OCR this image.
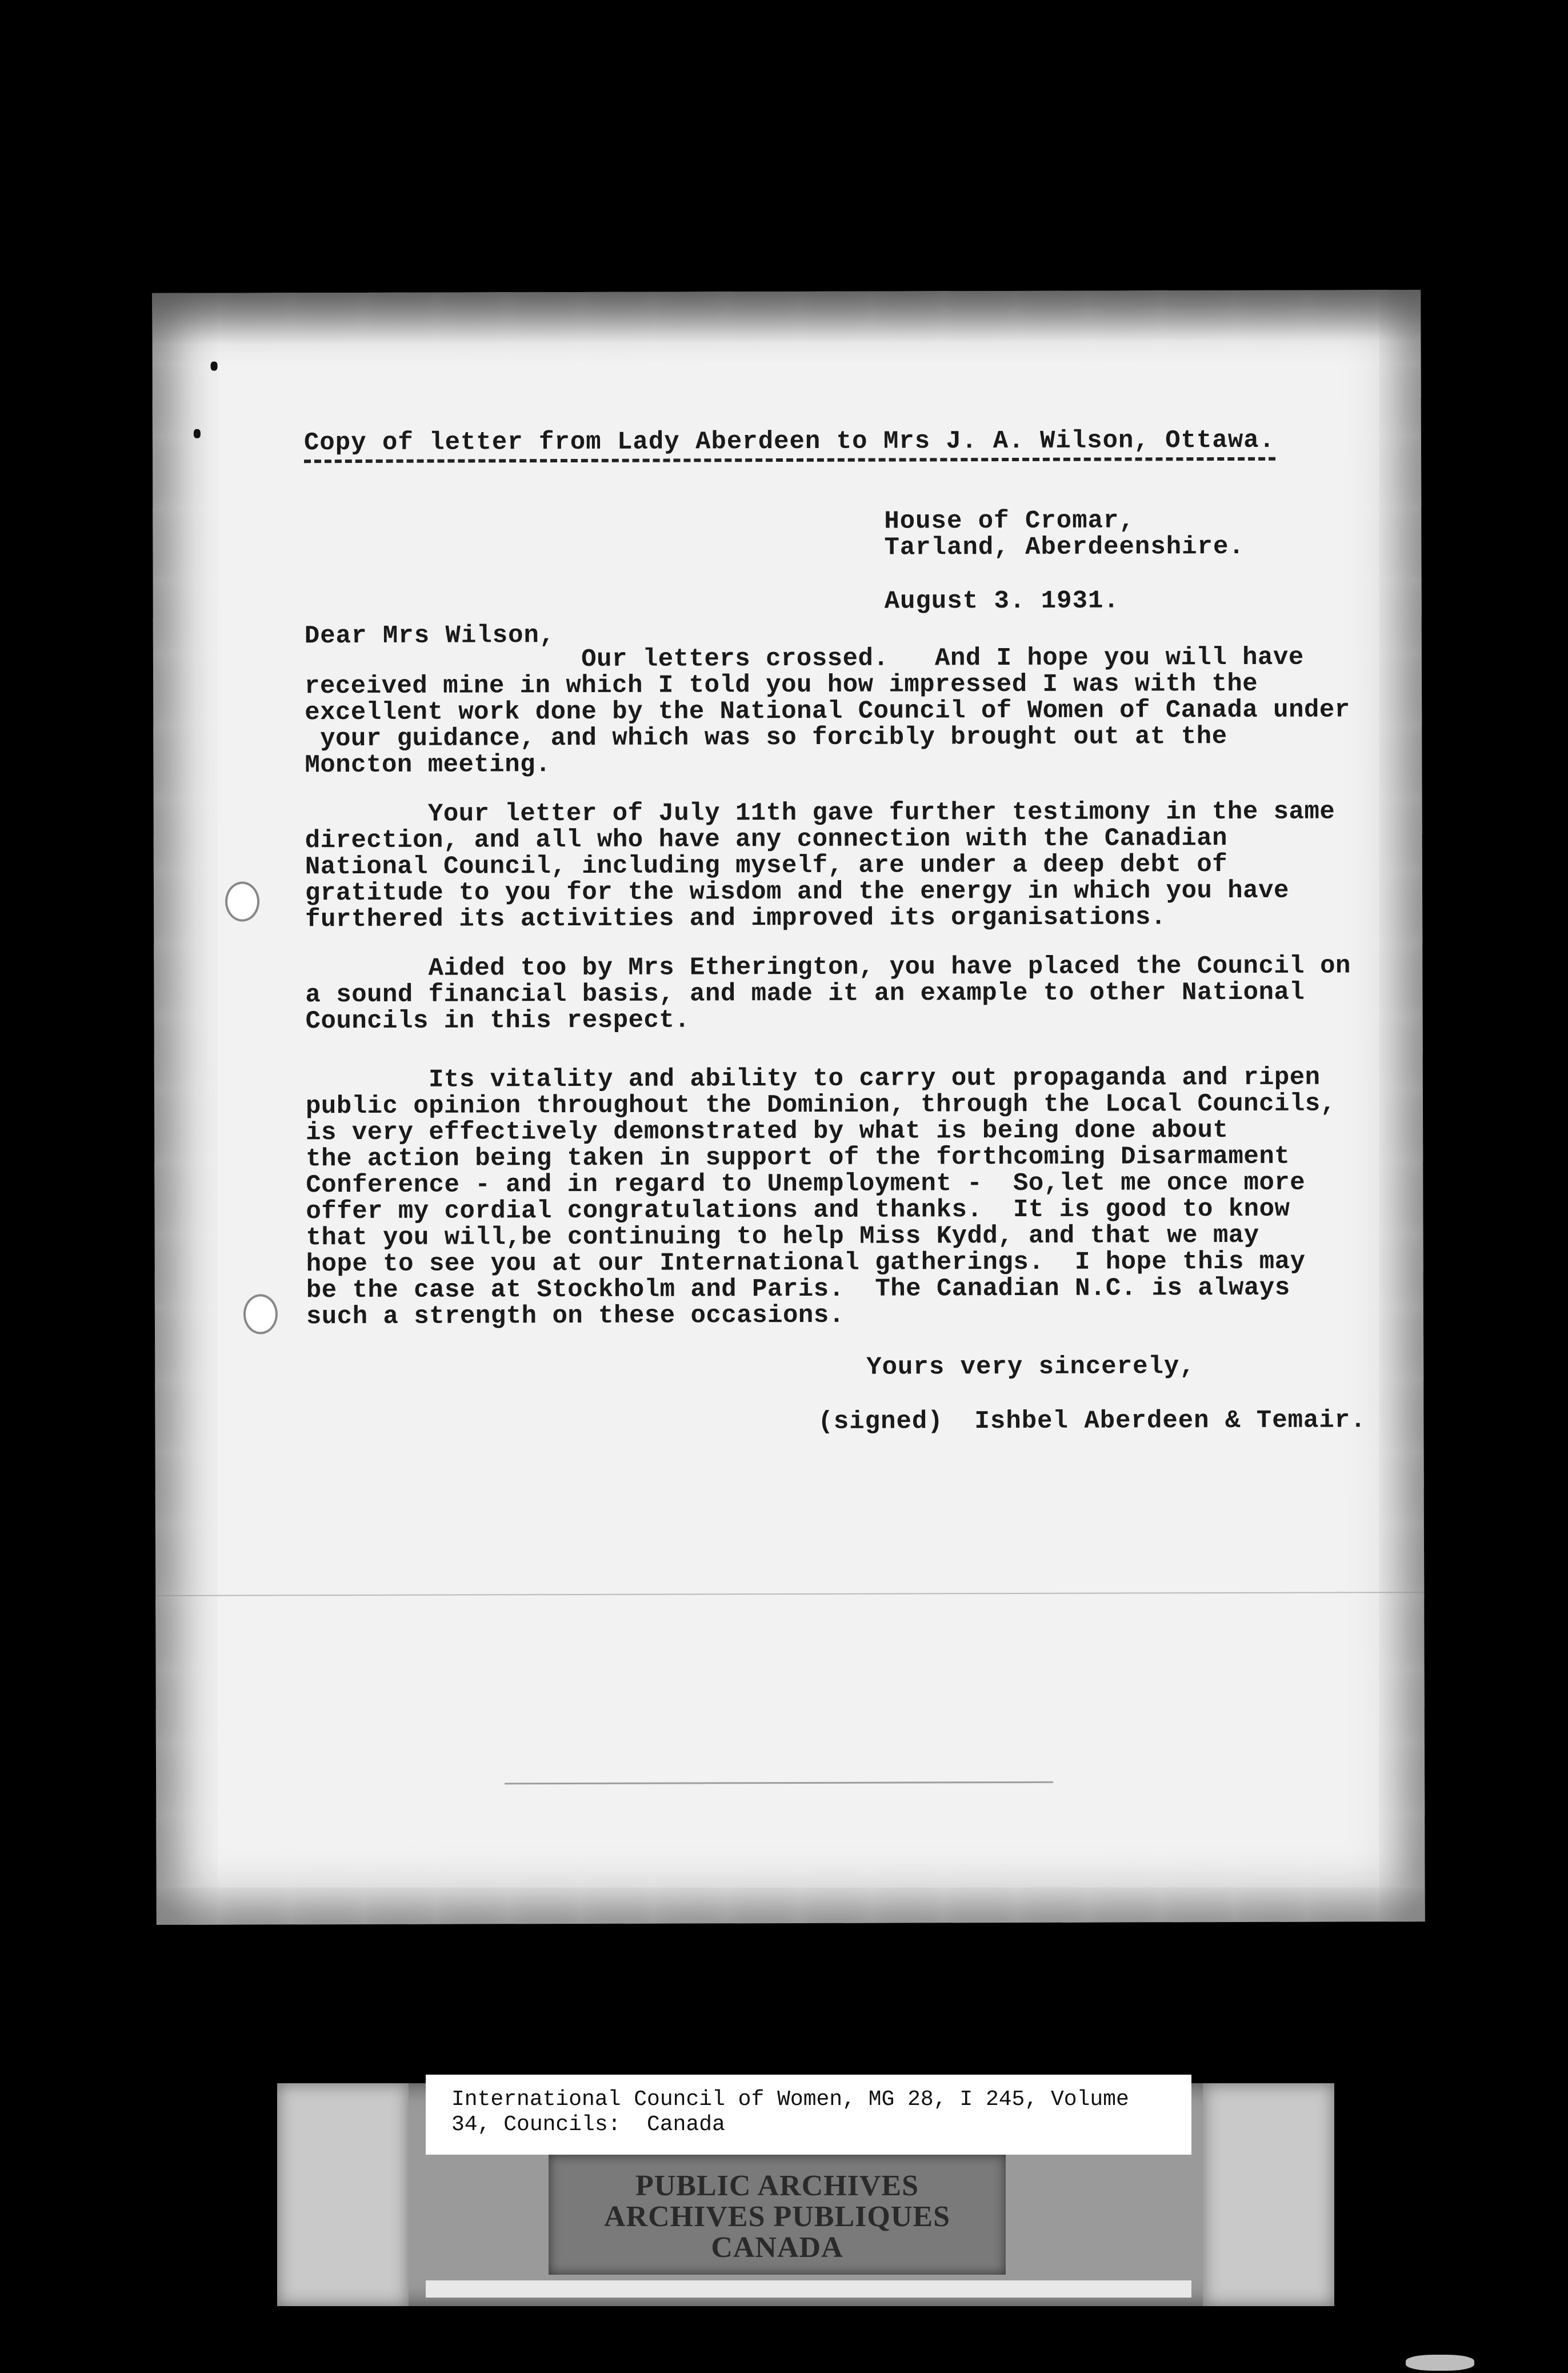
Copy of letter from Lady Aberdeen to Mrs J. A. Wilson, Ottawa.
House of Cromar,
Tarland, Aberdeenshire.
August 3. 1931.
Dear Mrs Wilson,
Our letters crossed.   And I hope you will have
received mine in which I told you how impressed I was with the
excellent work done by the National Council of Women of Canada under
your guidance, and which was so forcibly brought out at the
Moncton meeting.
Your letter of July 11th gave further testimony in the same
direction, and all who have any connection with the Canadian
National Council, including myself, are under a deep debt of
gratitude to you for the wisdom and the energy in which you have
furthered its activities and improved its organisations.
Aided too by Mrs Etherington, you have placed the Council on
a sound financial basis, and made it an example to other National
Councils in this respect.
Its vitality and ability to carry out propaganda and ripen
public opinion throughout the Dominion, through the Local Councils,
is very effectively demonstrated by what is being done about
the action being taken in support of the forthcoming Disarmament
Conference - and in regard to Unemployment -  So,let me once more
offer my cordial congratulations and thanks.  It is good to know
that you will,be continuing to help Miss Kydd, and that we may
hope to see you at our International gatherings.  I hope this may
be the case at Stockholm and Paris.  The Canadian N.C. is always
such a strength on these occasions.
Yours very sincerely,
(signed)  Ishbel Aberdeen & Temair.
International Council of Women, MG 28, I 245, Volume
34, Councils:  Canada
PUBLIC ARCHIVES
ARCHIVES PUBLIQUES
CANADA
